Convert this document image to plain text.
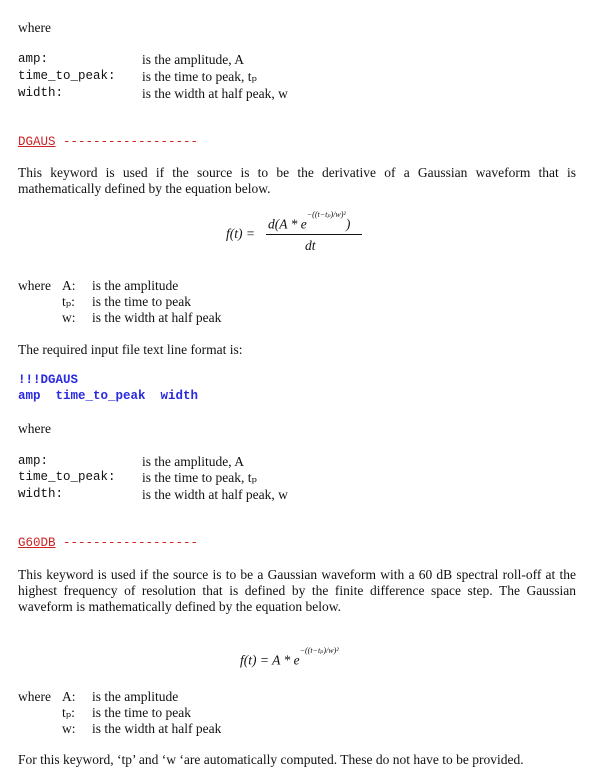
where
amp:	is the amplitude, A
time_to_peak:	is the time to peak, tₚ
width:	is the width at half peak, w
DGAUS ------------------
This keyword is used if the source is to be the derivative of a Gaussian waveform that is mathematically defined by the equation below.
f(t) =
$d(A * e^{-((t-t_p)/w)^2})$
dt
where A: is the amplitude
tₚ: is the time to peak
w: is the width at half peak
The required input file text line format is:
!!!DGAUS
amp  time_to_peak  width
where
amp:	is the amplitude, A
time_to_peak:	is the time to peak, tₚ
width:	is the width at half peak, w
G60DB ------------------
This keyword is used if the source is to be a Gaussian waveform with a 60 dB spectral roll-off at the highest frequency of resolution that is defined by the finite difference space step. The Gaussian waveform is mathematically defined by the equation below.
$f(t) = A * e^{-((t-t_p)/w)^2}$
where A: is the amplitude
tₚ: is the time to peak
w: is the width at half peak
For this keyword, ‘tp’ and ‘w ‘are automatically computed. These do not have to be provided.
